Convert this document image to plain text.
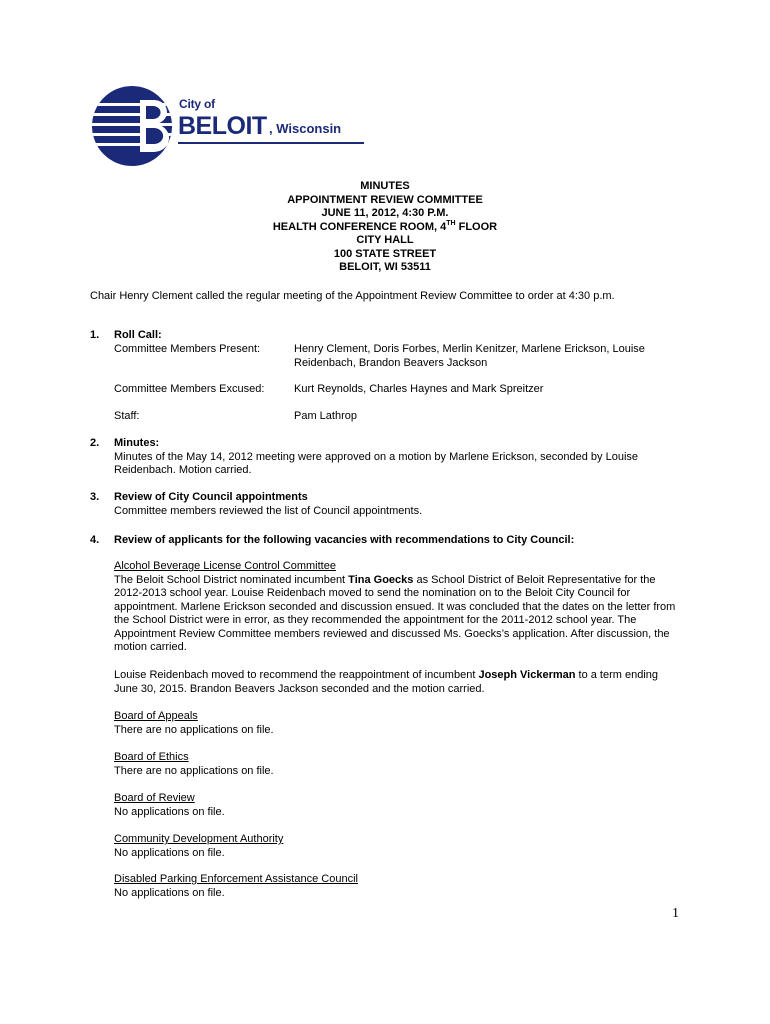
City of
BELOIT , Wisconsin
MINUTES
APPOINTMENT REVIEW COMMITTEE
JUNE 11, 2012, 4:30 P.M.
HEALTH CONFERENCE ROOM, 4TH FLOOR
CITY HALL
100 STATE STREET
BELOIT, WI 53511
Chair Henry Clement called the regular meeting of the Appointment Review Committee to order at 4:30 p.m.
1. Roll Call:
Committee Members Present:	Henry Clement, Doris Forbes, Merlin Kenitzer, Marlene Erickson, Louise Reidenbach, Brandon Beavers Jackson
Committee Members Excused:	Kurt Reynolds, Charles Haynes and Mark Spreitzer
Staff:	Pam Lathrop
2. Minutes:
Minutes of the May 14, 2012 meeting were approved on a motion by Marlene Erickson, seconded by Louise Reidenbach. Motion carried.
3. Review of City Council appointments
Committee members reviewed the list of Council appointments.
4. Review of applicants for the following vacancies with recommendations to City Council:
Alcohol Beverage License Control Committee
The Beloit School District nominated incumbent Tina Goecks as School District of Beloit Representative for the 2012-2013 school year. Louise Reidenbach moved to send the nomination on to the Beloit City Council for appointment. Marlene Erickson seconded and discussion ensued. It was concluded that the dates on the letter from the School District were in error, as they recommended the appointment for the 2011-2012 school year. The Appointment Review Committee members reviewed and discussed Ms. Goecks’s application. After discussion, the motion carried.
Louise Reidenbach moved to recommend the reappointment of incumbent Joseph Vickerman to a term ending June 30, 2015. Brandon Beavers Jackson seconded and the motion carried.
Board of Appeals
There are no applications on file.
Board of Ethics
There are no applications on file.
Board of Review
No applications on file.
Community Development Authority
No applications on file.
Disabled Parking Enforcement Assistance Council
No applications on file.
1
